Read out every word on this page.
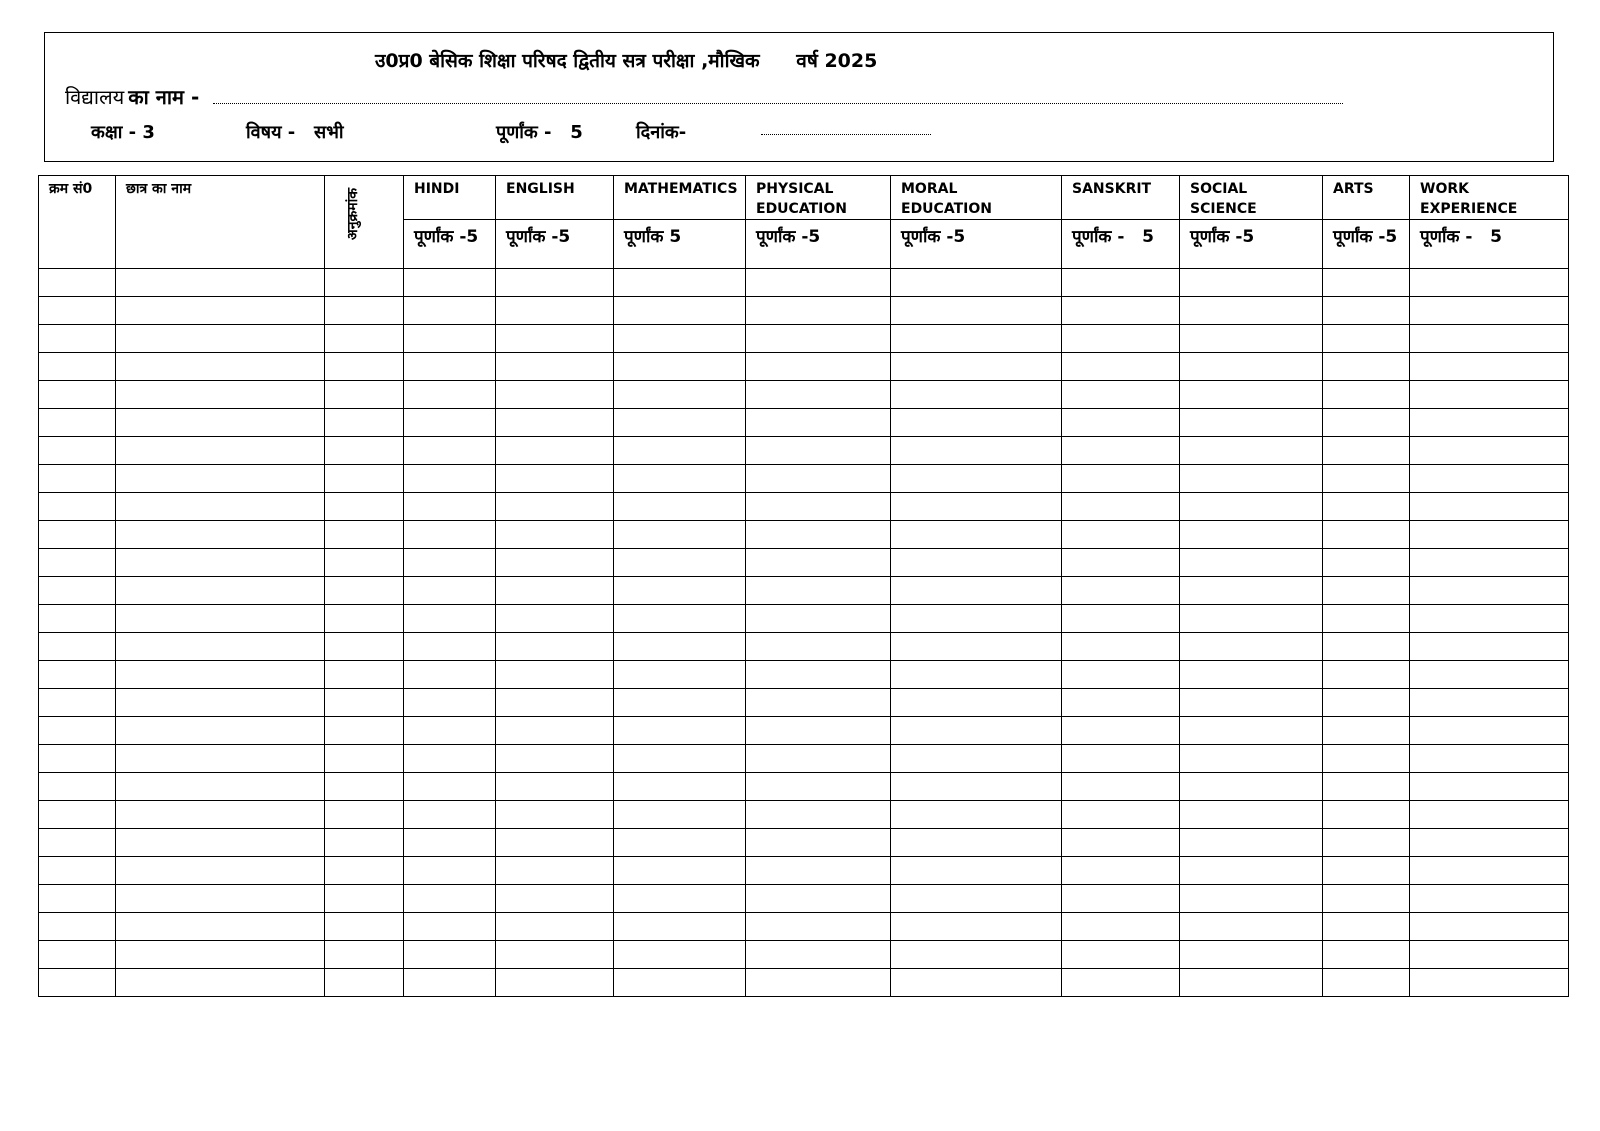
उ0प्र0 बेसिक शिक्षा परिषद द्वितीय सत्र परीक्षा ,मौखिक वर्ष 2025
विद्यालय का नाम -
कक्षा - 3	विषय -   सभी	पूर्णांक -   5	दिनांक-
क्रम सं0	छात्र का नाम	अनुक्रमांक	HINDI	ENGLISH	MATHEMATICS	PHYSICAL EDUCATION	MORAL EDUCATION	SANSKRIT	SOCIAL SCIENCE	ARTS	WORK EXPERIENCE
			पूर्णांक -5	पूर्णांक -5	पूर्णांक 5	पूर्णांक -5	पूर्णांक -5	पूर्णांक -   5	पूर्णांक -5	पूर्णांक -5	पूर्णांक -   5
